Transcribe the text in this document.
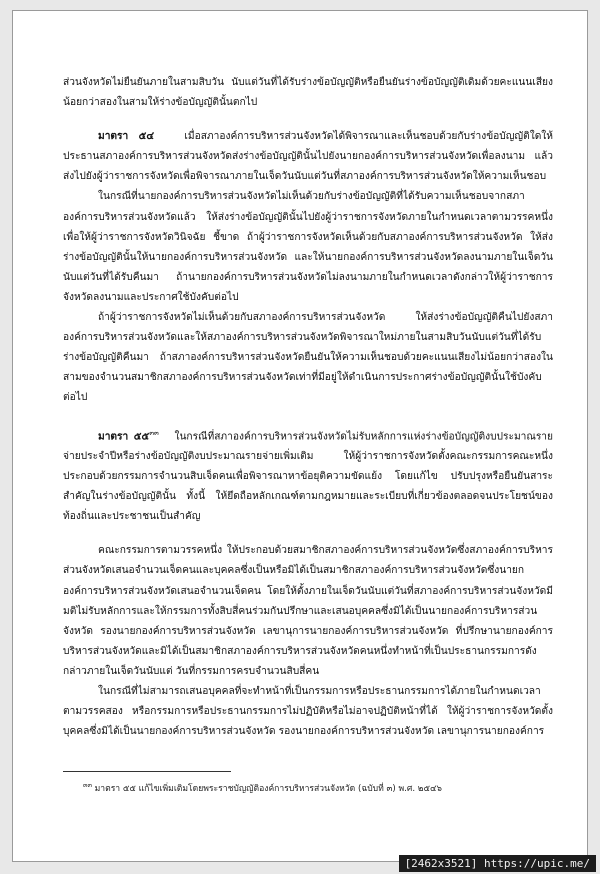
ส่วนจังหวัดไม่ยืนยันภายในสามสิบวัน นับแต่วันที่ได้รับร่างข้อบัญญัติหรือยืนยันร่างข้อบัญญัติเดิมด้วยคะแนนเสียงน้อยกว่าสองในสามให้ร่างข้อบัญญัตินั้นตกไป

มาตรา ๕๔	เมื่อสภาองค์การบริหารส่วนจังหวัดได้พิจารณาและเห็นชอบด้วยกับร่างข้อบัญญัติใดให้ประธานสภาองค์การบริหารส่วนจังหวัดส่งร่างข้อบัญญัตินั้นไปยังนายกองค์การบริหารส่วนจังหวัดเพื่อลงนาม แล้วส่งไปยังผู้ว่าราชการจังหวัดเพื่อพิจารณาภายในเจ็ดวันนับแต่วันที่สภาองค์การบริหารส่วนจังหวัดให้ความเห็นชอบ

ในกรณีที่นายกองค์การบริหารส่วนจังหวัดไม่เห็นด้วยกับร่างข้อบัญญัติที่ได้รับความเห็นชอบจากสภาองค์การบริหารส่วนจังหวัดแล้ว ให้ส่งร่างข้อบัญญัตินั้นไปยังผู้ว่าราชการจังหวัดภายในกำหนดเวลาตามวรรคหนึ่ง เพื่อให้ผู้ว่าราชการจังหวัดวินิจฉัย ชี้ขาด ถ้าผู้ว่าราชการจังหวัดเห็นด้วยกับสภาองค์การบริหารส่วนจังหวัด ให้ส่งร่างข้อบัญญัตินั้นให้นายกองค์การบริหารส่วนจังหวัด และให้นายกองค์การบริหารส่วนจังหวัดลงนามภายในเจ็ดวันนับแต่วันที่ได้รับคืนมา ถ้านายกองค์การบริหารส่วนจังหวัดไม่ลงนามภายในกำหนดเวลาดังกล่าวให้ผู้ว่าราชการจังหวัดลงนามและประกาศใช้บังคับต่อไป

ถ้าผู้ว่าราชการจังหวัดไม่เห็นด้วยกับสภาองค์การบริหารส่วนจังหวัด ให้ส่งร่างข้อบัญญัติคืนไปยังสภาองค์การบริหารส่วนจังหวัดและให้สภาองค์การบริหารส่วนจังหวัดพิจารณาใหม่ภายในสามสิบวันนับแต่วันที่ได้รับร่างข้อบัญญัติคืนมา ถ้าสภาองค์การบริหารส่วนจังหวัดยืนยันให้ความเห็นชอบด้วยคะแนนเสียงไม่น้อยกว่าสองในสามของจำนวนสมาชิกสภาองค์การบริหารส่วนจังหวัดเท่าที่มีอยู่ให้ดำเนินการประกาศร่างข้อบัญญัตินั้นใช้บังคับต่อไป

มาตรา ๕๕$^{๓๓}$ ในกรณีที่สภาองค์การบริหารส่วนจังหวัดไม่รับหลักการแห่งร่างข้อบัญญัติงบประมาณรายจ่ายประจำปีหรือร่างข้อบัญญัติงบประมาณรายจ่ายเพิ่มเติม ให้ผู้ว่าราชการจังหวัดตั้งคณะกรรมการคณะหนึ่งประกอบด้วยกรรมการจำนวนสิบเจ็ดคนเพื่อพิจารณาหาข้อยุติความขัดแย้ง โดยแก้ไข ปรับปรุงหรือยืนยันสาระสำคัญในร่างข้อบัญญัตินั้น ทั้งนี้ ให้ยึดถือหลักเกณฑ์ตามกฎหมายและระเบียบที่เกี่ยวข้องตลอดจนประโยชน์ของท้องถิ่นและประชาชนเป็นสำคัญ

คณะกรรมการตามวรรคหนึ่ง ให้ประกอบด้วยสมาชิกสภาองค์การบริหารส่วนจังหวัดซึ่งสภาองค์การบริหารส่วนจังหวัดเสนอจำนวนเจ็ดคนและบุคคลซึ่งเป็นหรือมิได้เป็นสมาชิกสภาองค์การบริหารส่วนจังหวัดซึ่งนายกองค์การบริหารส่วนจังหวัดเสนอจำนวนเจ็ดคน โดยให้ตั้งภายในเจ็ดวันนับแต่วันที่สภาองค์การบริหารส่วนจังหวัดมีมติไม่รับหลักการและให้กรรมการทั้งสิบสี่คนร่วมกันปรึกษาและเสนอบุคคลซึ่งมิได้เป็นนายกองค์การบริหารส่วนจังหวัด รองนายกองค์การบริหารส่วนจังหวัด เลขานุการนายกองค์การบริหารส่วนจังหวัด ที่ปรึกษานายกองค์การบริหารส่วนจังหวัดและมิได้เป็นสมาชิกสภาองค์การบริหารส่วนจังหวัดคนหนึ่งทำหน้าที่เป็นประธานกรรมการดังกล่าวภายในเจ็ดวันนับแต่ วันที่กรรมการครบจำนวนสิบสี่คน

ในกรณีที่ไม่สามารถเสนอบุคคลที่จะทำหน้าที่เป็นกรรมการหรือประธานกรรมการได้ภายในกำหนดเวลาตามวรรคสอง หรือกรรมการหรือประธานกรรมการไม่ปฏิบัติหรือไม่อาจปฏิบัติหน้าที่ได้ ให้ผู้ว่าราชการจังหวัดตั้งบุคคลซึ่งมิได้เป็นนายกองค์การบริหารส่วนจังหวัด รองนายกองค์การบริหารส่วนจังหวัด เลขานุการนายกองค์การ

$^{๓๓}$ มาตรา ๕๕ แก้ไขเพิ่มเติมโดยพระราชบัญญัติองค์การบริหารส่วนจังหวัด (ฉบับที่ ๓) พ.ศ. ๒๕๔๖
[2462x3521] https://upic.me/
